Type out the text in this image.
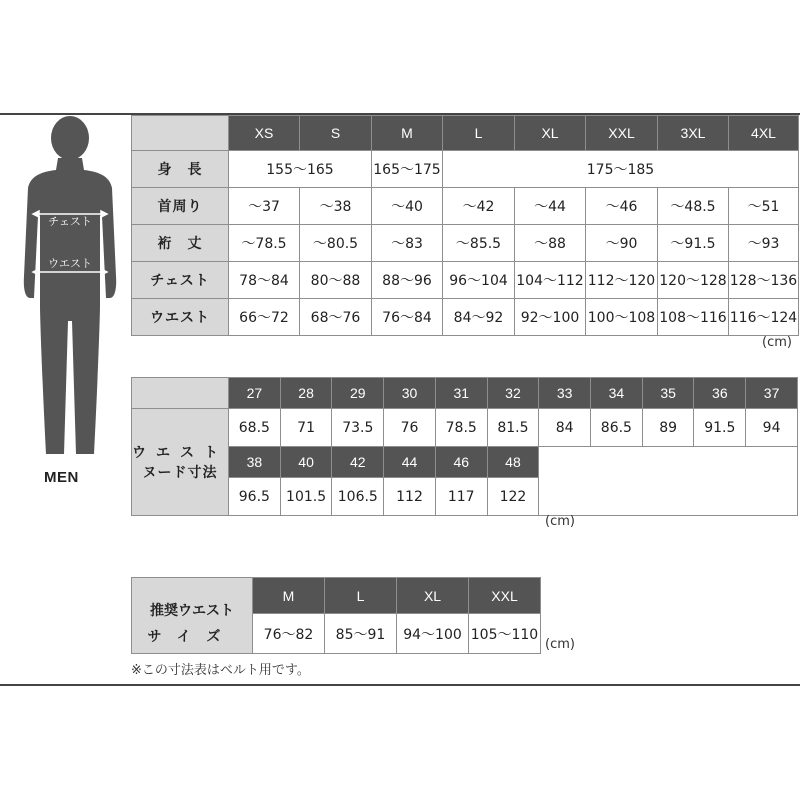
チェスト
ウエスト
MEN
	XS	S	M	L	XL	XXL	3XL	4XL
身　長	155〜165		165〜175	175〜185				
首周り	〜37	〜38	〜40	〜42	〜44	〜46	〜48.5	〜51
裄　丈	〜78.5	〜80.5	〜83	〜85.5	〜88	〜90	〜91.5	〜93
チェスト	78〜84	80〜88	88〜96	96〜104	104〜112	112〜120	120〜128	128〜136
ウエスト	66〜72	68〜76	76〜84	84〜92	92〜100	100〜108	108〜116	116〜124
(cm)
	27	28	29	30	31	32	33	34	35	36	37

ウエスト
ヌード寸法	68.5	71	73.5	76	78.5	81.5	84	86.5	89	91.5	94
	38	40	42	44	46	48					
	96.5	101.5	106.5	112	117	122					
(cm)
推奨ウエスト
サイズ	M	L	XL	XXL
	76〜82	85〜91	94〜100	105〜110
(cm)
※この寸法表はベルト用です。
